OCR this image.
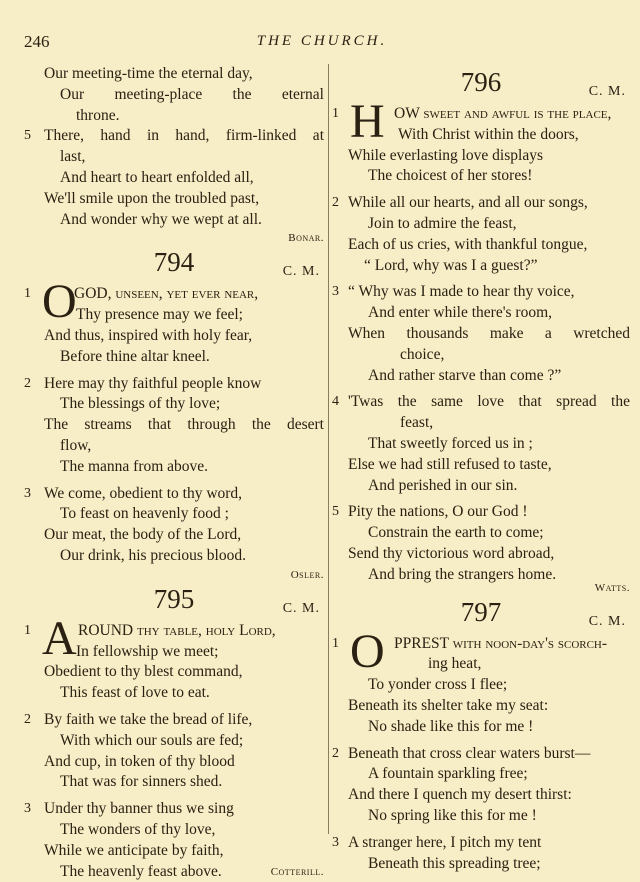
246	THE CHURCH.
Our meeting-time the eternal day,
Our meeting-place the eternal
throne.
5 There, hand in hand, firm-linked at
last,
And heart to heart enfolded all,
We'll smile upon the troubled past,
And wonder why we wept at all.
Bonar.
794	C. M.
1 O
GOD, unseen, yet ever near,
Thy presence may we feel;
And thus, inspired with holy fear,
Before thine altar kneel.
2 Here may thy faithful people know
The blessings of thy love;
The streams that through the desert
flow,
The manna from above.
3 We come, obedient to thy word,
To feast on heavenly food ;
Our meat, the body of the Lord,
Our drink, his precious blood.
Osler.
795	C. M.
1 A ROUND thy table, holy Lord,
In fellowship we meet;
Obedient to thy blest command,
This feast of love to eat.
2 By faith we take the bread of life,
With which our souls are fed;
And cup, in token of thy blood
That was for sinners shed.
3 Under thy banner thus we sing
The wonders of thy love,
While we anticipate by faith,
The heavenly feast above.	Cotterill.
796	C. M.
1 H OW sweet and awful is the place,
With Christ within the doors,
While everlasting love displays
The choicest of her stores!
2 While all our hearts, and all our songs,
Join to admire the feast,
Each of us cries, with thankful tongue,
“ Lord, why was I a guest?”
3 “ Why was I made to hear thy voice,
And enter while there's room,
When thousands make a wretched
choice,
And rather starve than come ?”
4 'Twas the same love that spread the
feast,
That sweetly forced us in ;
Else we had still refused to taste,
And perished in our sin.
5 Pity the nations, O our God !
Constrain the earth to come;
Send thy victorious word abroad,
And bring the strangers home.
Watts.
797	C. M.
1 O PPREST with noon-day's scorch-
ing heat,
To yonder cross I flee;
Beneath its shelter take my seat:
No shade like this for me !
2 Beneath that cross clear waters burst—
A fountain sparkling free;
And there I quench my desert thirst:
No spring like this for me !
3 A stranger here, I pitch my tent
Beneath this spreading tree;
